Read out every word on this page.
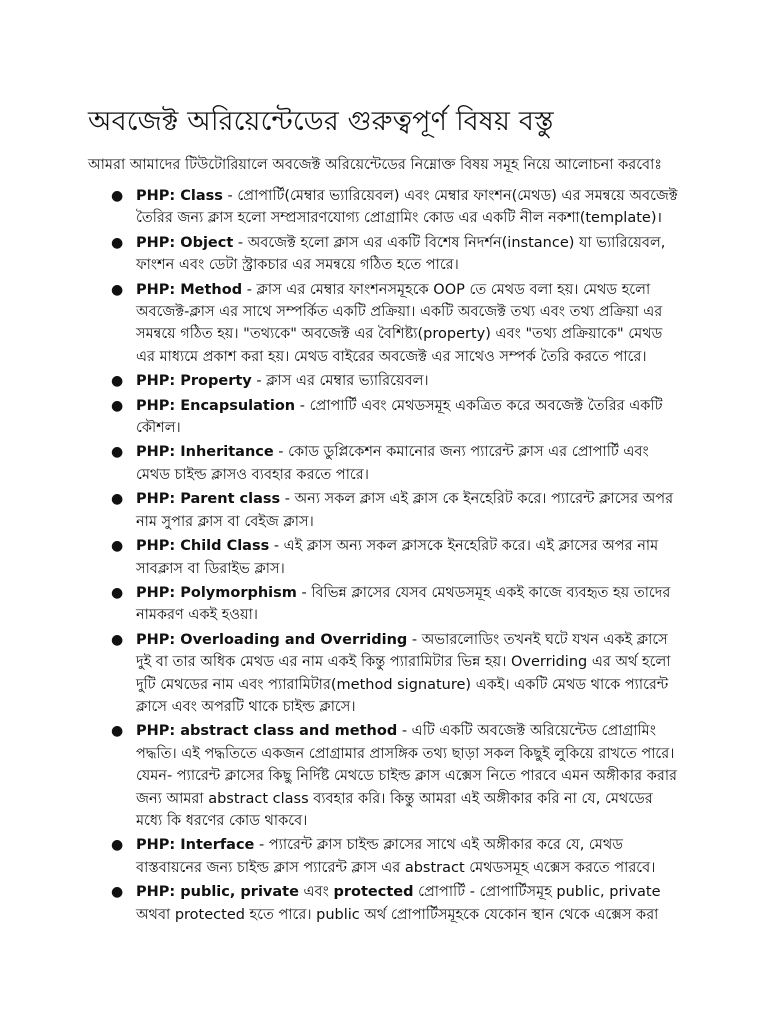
অবজেক্ট অরিয়েন্টেডের গুরুত্বপূর্ণ বিষয় বস্তু

আমরা আমাদের টিউটোরিয়ালে অবজেক্ট অরিয়েন্টেডের নিম্নোক্ত বিষয় সমূহ নিয়ে আলোচনা করবোঃ

● PHP: Class - প্রোপার্টি(মেম্বার ভ্যারিয়েবল) এবং মেম্বার ফাংশন(মেথড) এর সমন্বয়ে অবজেক্ট তৈরির জন্য ক্লাস হলো সম্প্রসারণযোগ্য প্রোগ্রামিং কোড এর একটি নীল নকশা(template)।
● PHP: Object - অবজেক্ট হলো ক্লাস এর একটি বিশেষ নিদর্শন(instance) যা ভ্যারিয়েবল, ফাংশন এবং ডেটা স্ট্রাকচার এর সমন্বয়ে গঠিত হতে পারে।
● PHP: Method - ক্লাস এর মেম্বার ফাংশনসমূহকে OOP তে মেথড বলা হয়। মেথড হলো অবজেক্ট-ক্লাস এর সাথে সম্পর্কিত একটি প্রক্রিয়া। একটি অবজেক্ট তথ্য এবং তথ্য প্রক্রিয়া এর সমন্বয়ে গঠিত হয়। "তথ্যকে" অবজেক্ট এর বৈশিষ্ট্য(property) এবং "তথ্য প্রক্রিয়াকে" মেথড এর মাধ্যমে প্রকাশ করা হয়। মেথড বাইরের অবজেক্ট এর সাথেও সম্পর্ক তৈরি করতে পারে।
● PHP: Property - ক্লাস এর মেম্বার ভ্যারিয়েবল।
● PHP: Encapsulation - প্রোপার্টি এবং মেথডসমূহ একত্রিত করে অবজেক্ট তৈরির একটি কৌশল।
● PHP: Inheritance - কোড ডুপ্লিকেশন কমানোর জন্য প্যারেন্ট ক্লাস এর প্রোপার্টি এবং মেথড চাইল্ড ক্লাসও ব্যবহার করতে পারে।
● PHP: Parent class - অন্য সকল ক্লাস এই ক্লাস কে ইনহেরিট করে। প্যারেন্ট ক্লাসের অপর নাম সুপার ক্লাস বা বেইজ ক্লাস।
● PHP: Child Class - এই ক্লাস অন্য সকল ক্লাসকে ইনহেরিট করে। এই ক্লাসের অপর নাম সাবক্লাস বা ডিরাইভ ক্লাস।
● PHP: Polymorphism - বিভিন্ন ক্লাসের যেসব মেথডসমূহ একই কাজে ব্যবহৃত হয় তাদের নামকরণ একই হওয়া।
● PHP: Overloading and Overriding - অভারলোডিং তখনই ঘটে যখন একই ক্লাসে দুই বা তার অধিক মেথড এর নাম একই কিন্তু প্যারামিটার ভিন্ন হয়। Overriding এর অর্থ হলো দুটি মেথডের নাম এবং প্যারামিটার(method signature) একই। একটি মেথড থাকে প্যারেন্ট ক্লাসে এবং অপরটি থাকে চাইল্ড ক্লাসে।
● PHP: abstract class and method - এটি একটি অবজেক্ট অরিয়েন্টেড প্রোগ্রামিং পদ্ধতি। এই পদ্ধতিতে একজন প্রোগ্রামার প্রাসঙ্গিক তথ্য ছাড়া সকল কিছুই লুকিয়ে রাখতে পারে। যেমন- প্যারেন্ট ক্লাসের কিছু নির্দিষ্ট মেথডে চাইল্ড ক্লাস এক্সেস নিতে পারবে এমন অঙ্গীকার করার জন্য আমরা abstract class ব্যবহার করি। কিন্তু আমরা এই অঙ্গীকার করি না যে, মেথডের মধ্যে কি ধরণের কোড থাকবে।
● PHP: Interface - প্যারেন্ট ক্লাস চাইল্ড ক্লাসের সাথে এই অঙ্গীকার করে যে, মেথড বাস্তবায়নের জন্য চাইল্ড ক্লাস প্যারেন্ট ক্লাস এর abstract মেথডসমূহ এক্সেস করতে পারবে।
● PHP: public, private এবং protected প্রোপার্টি - প্রোপার্টিসমূহ public, private অথবা protected হতে পারে। public অর্থ প্রোপার্টিসমূহকে যেকোন স্থান থেকে এক্সেস করা
